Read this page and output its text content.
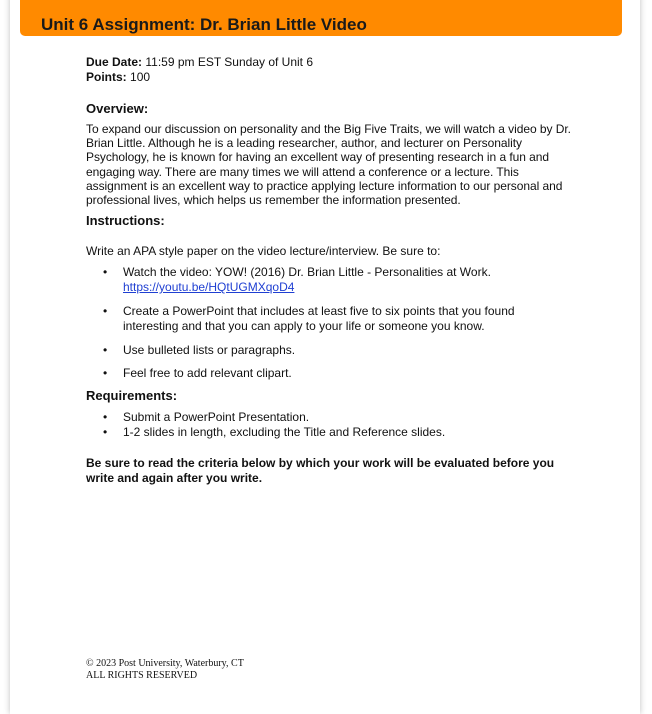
Unit 6 Assignment: Dr. Brian Little Video

Due Date: 11:59 pm EST Sunday of Unit 6

Points: 100

Overview:

To expand our discussion on personality and the Big Five Traits, we will watch a video by Dr. Brian Little. Although he is a leading researcher, author, and lecturer on Personality Psychology, he is known for having an excellent way of presenting research in a fun and engaging way. There are many times we will attend a conference or a lecture. This assignment is an excellent way to practice applying lecture information to our personal and professional lives, which helps us remember the information presented.

Instructions:

Write an APA style paper on the video lecture/interview. Be sure to:

• Watch the video: YOW! (2016) Dr. Brian Little - Personalities at Work.
https://youtu.be/HQtUGMXqoD4
• Create a PowerPoint that includes at least five to six points that you found interesting and that you can apply to your life or someone you know.
• Use bulleted lists or paragraphs.
• Feel free to add relevant clipart.
Requirements:
• Submit a PowerPoint Presentation.
• 1-2 slides in length, excluding the Title and Reference slides.

Be sure to read the criteria below by which your work will be evaluated before you write and again after you write.

© 2023 Post University, Waterbury, CT

ALL RIGHTS RESERVED
